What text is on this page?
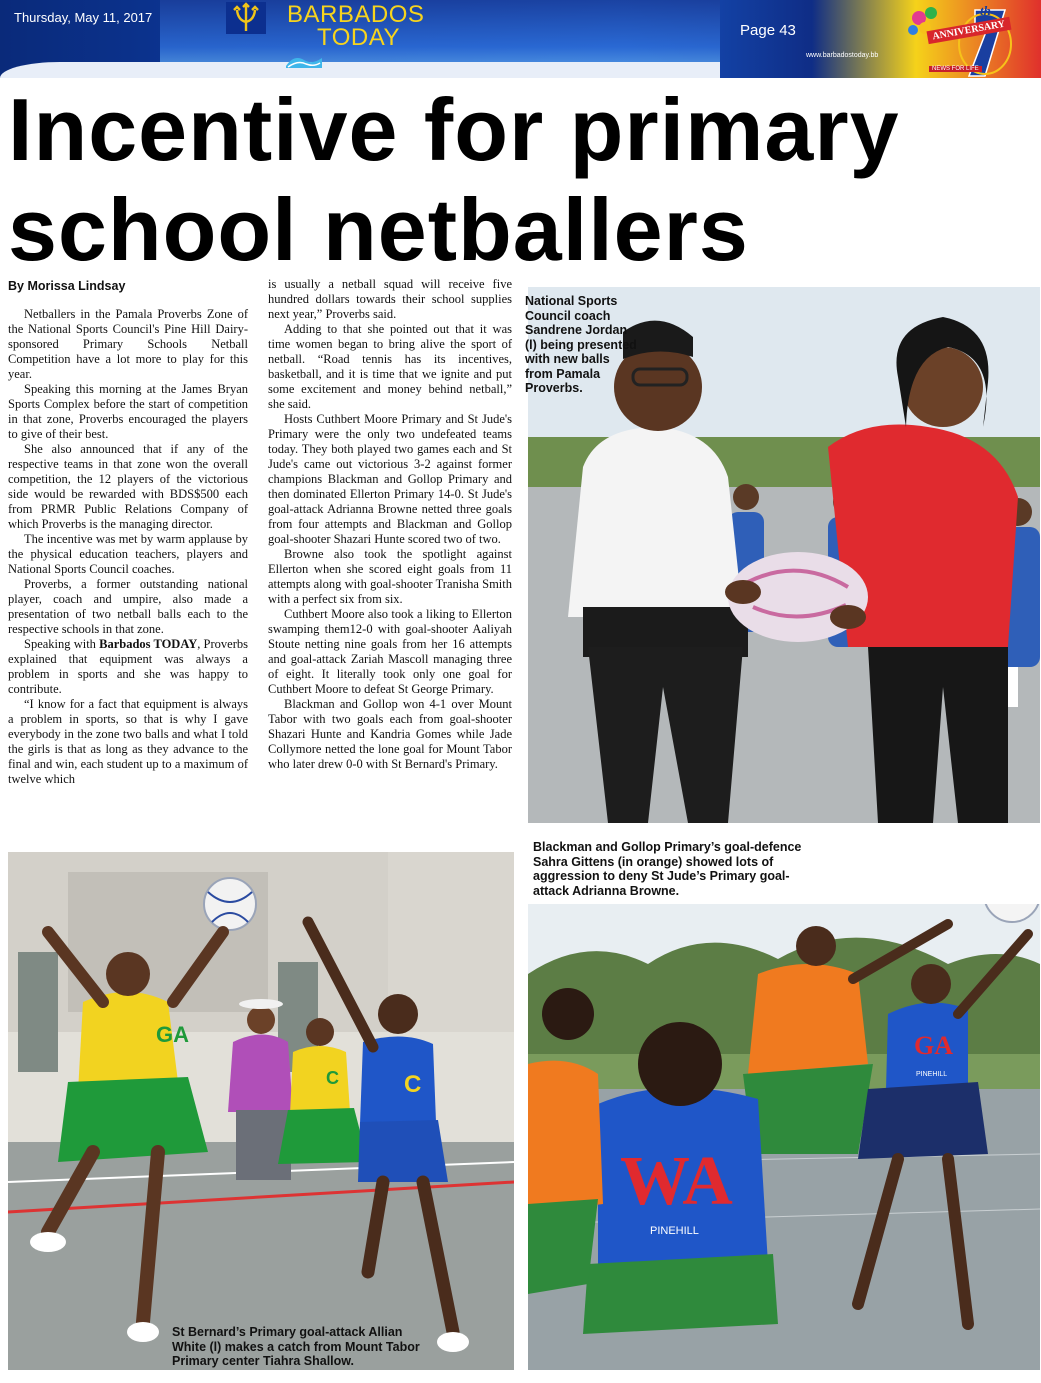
Thursday, May 11, 2017	BARBADOS
TODAY	Page 43
www.barbadostoday.bb
th
ANNIVERSARY
NEWS FOR LIFE
Incentive for primary school netballers
By Morissa Lindsay

Netballers in the Pamala Proverbs Zone of the National Sports Council's Pine Hill Dairy-sponsored Primary Schools Netball Competition have a lot more to play for this year.

Speaking this morning at the James Bryan Sports Complex before the start of competition in that zone, Proverbs encouraged the players to give of their best.

She also announced that if any of the respective teams in that zone won the overall competition, the 12 players of the victorious side would be rewarded with BDS$500 each from PRMR Public Relations Company of which Proverbs is the managing director.

The incentive was met by warm applause by the physical education teachers, players and National Sports Council coaches.

Proverbs, a former outstanding national player, coach and umpire, also made a presentation of two netball balls each to the respective schools in that zone.

Speaking with Barbados TODAY, Proverbs explained that equipment was always a problem in sports and she was happy to contribute.

“I know for a fact that equipment is always a problem in sports, so that is why I gave everybody in the zone two balls and what I told the girls is that as long as they advance to the final and win, each student up to a maximum of twelve which

is usually a netball squad will receive five hundred dollars towards their school supplies next year,” Proverbs said.

Adding to that she pointed out that it was time women began to bring alive the sport of netball. “Road tennis has its incentives, basketball, and it is time that we ignite and put some excitement and money behind netball,” she said.

Hosts Cuthbert Moore Primary and St Jude's Primary were the only two undefeated teams today. They both played two games each and St Jude's came out victorious 3-2 against former champions Blackman and Gollop Primary and then dominated Ellerton Primary 14-0. St Jude's goal-attack Adrianna Browne netted three goals from four attempts and Blackman and Gollop goal-shooter Shazari Hunte scored two of two.

Browne also took the spotlight against Ellerton when she scored eight goals from 11 attempts along with goal-shooter Tranisha Smith with a perfect six from six.

Cuthbert Moore also took a liking to Ellerton swamping them12-0 with goal-shooter Aaliyah Stoute netting nine goals from her 16 attempts and goal-attack Zariah Mascoll managing three of eight. It literally took only one goal for Cuthbert Moore to defeat St George Primary.

Blackman and Gollop won 4-1 over Mount Tabor with two goals each from goal-shooter Shazari Hunte and Kandria Gomes while Jade Collymore netted the lone goal for Mount Tabor who later drew 0-0 with St Bernard's Primary.

National Sports Council coach Sandrene Jordan (l) being presented with new balls from Pamala Proverbs.
GA
C	C
St Bernard’s Primary goal-attack Allian White (l) makes a catch from Mount Tabor Primary center Tiahra Shallow.
GA
PINEHILL
WA
PINEHILL
Blackman and Gollop Primary’s goal-defence Sahra Gittens (in orange) showed lots of aggression to deny St Jude’s Primary goal-attack Adrianna Browne.
